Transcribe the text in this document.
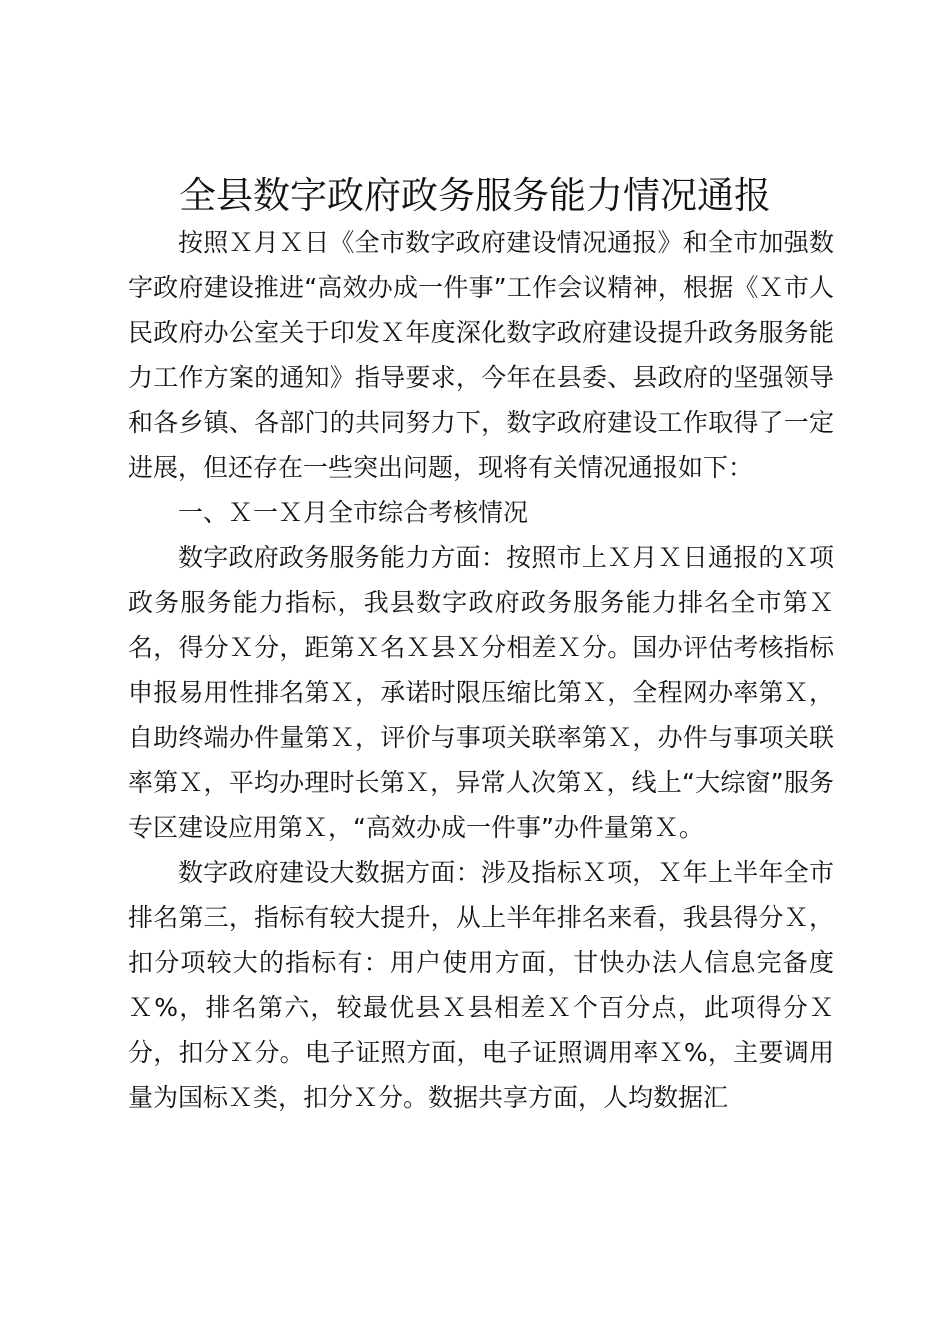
全县数字政府政务服务能力情况通报

按照Ｘ月Ｘ日《全市数字政府建设情况通报》和全市加强数字政府建设推进“高效办成一件事”工作会议精神，根据《Ｘ市人民政府办公室关于印发Ｘ年度深化数字政府建设提升政务服务能力工作方案的通知》指导要求，今年在县委、县政府的坚强领导和各乡镇、各部门的共同努力下，数字政府建设工作取得了一定进展，但还存在一些突出问题，现将有关情况通报如下：

一、Ｘ一Ｘ月全市综合考核情况

数字政府政务服务能力方面：按照市上Ｘ月Ｘ日通报的Ｘ项政务服务能力指标，我县数字政府政务服务能力排名全市第Ｘ名，得分Ｘ分，距第Ｘ名Ｘ县Ｘ分相差Ｘ分。国办评估考核指标申报易用性排名第Ｘ，承诺时限压缩比第Ｘ，全程网办率第Ｘ，自助终端办件量第Ｘ，评价与事项关联率第Ｘ，办件与事项关联率第Ｘ，平均办理时长第Ｘ，异常人次第Ｘ，线上“大综窗”服务专区建设应用第Ｘ，“高效办成一件事”办件量第Ｘ。

数字政府建设大数据方面：涉及指标Ｘ项，Ｘ年上半年全市排名第三，指标有较大提升，从上半年排名来看，我县得分Ｘ，扣分项较大的指标有：用户使用方面，甘快办法人信息完备度Ｘ%，排名第六，较最优县Ｘ县相差Ｘ个百分点，此项得分Ｘ分，扣分Ｘ分。电子证照方面，电子证照调用率Ｘ%，主要调用量为国标Ｘ类，扣分Ｘ分。数据共享方面，人均数据汇
